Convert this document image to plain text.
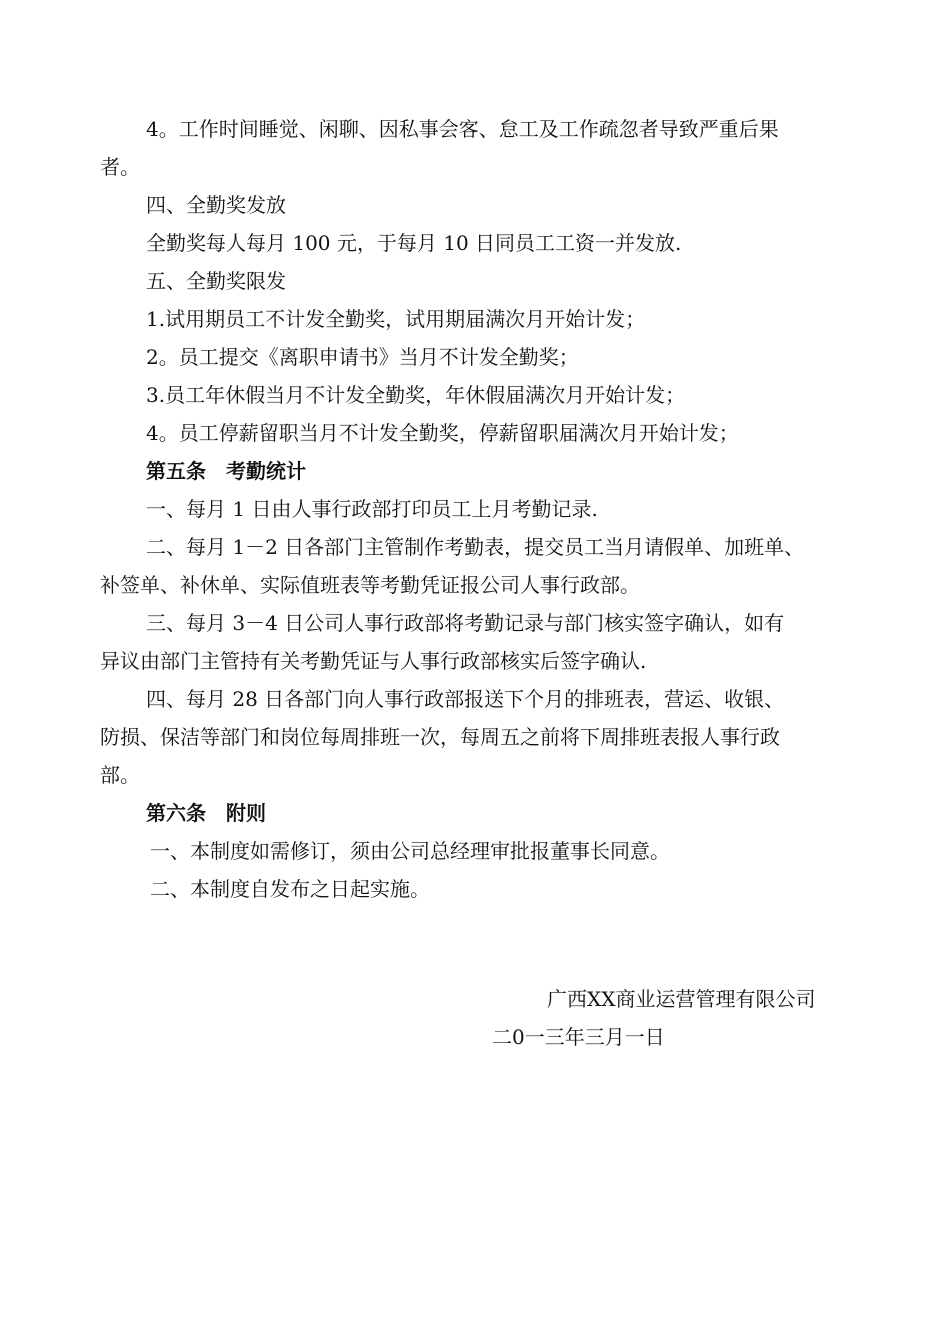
4。工作时间睡觉、闲聊、因私事会客、怠工及工作疏忽者导致严重后果
者。
四、全勤奖发放
全勤奖每人每月 100 元，于每月 10 日同员工工资一并发放.
五、全勤奖限发
1.试用期员工不计发全勤奖，试用期届满次月开始计发；
2。员工提交《离职申请书》当月不计发全勤奖；
3.员工年休假当月不计发全勤奖，年休假届满次月开始计发；
4。员工停薪留职当月不计发全勤奖，停薪留职届满次月开始计发；
第五条　考勤统计
一、每月 1 日由人事行政部打印员工上月考勤记录.
二、每月 1－2 日各部门主管制作考勤表，提交员工当月请假单、加班单、
补签单、补休单、实际值班表等考勤凭证报公司人事行政部。
三、每月 3－4 日公司人事行政部将考勤记录与部门核实签字确认，如有
异议由部门主管持有关考勤凭证与人事行政部核实后签字确认.
四、每月 28 日各部门向人事行政部报送下个月的排班表，营运、收银、
防损、保洁等部门和岗位每周排班一次，每周五之前将下周排班表报人事行政
部。
第六条　附则
一、本制度如需修订，须由公司总经理审批报董事长同意。
二、本制度自发布之日起实施。
广西XX商业运营管理有限公司
二0一三年三月一日
